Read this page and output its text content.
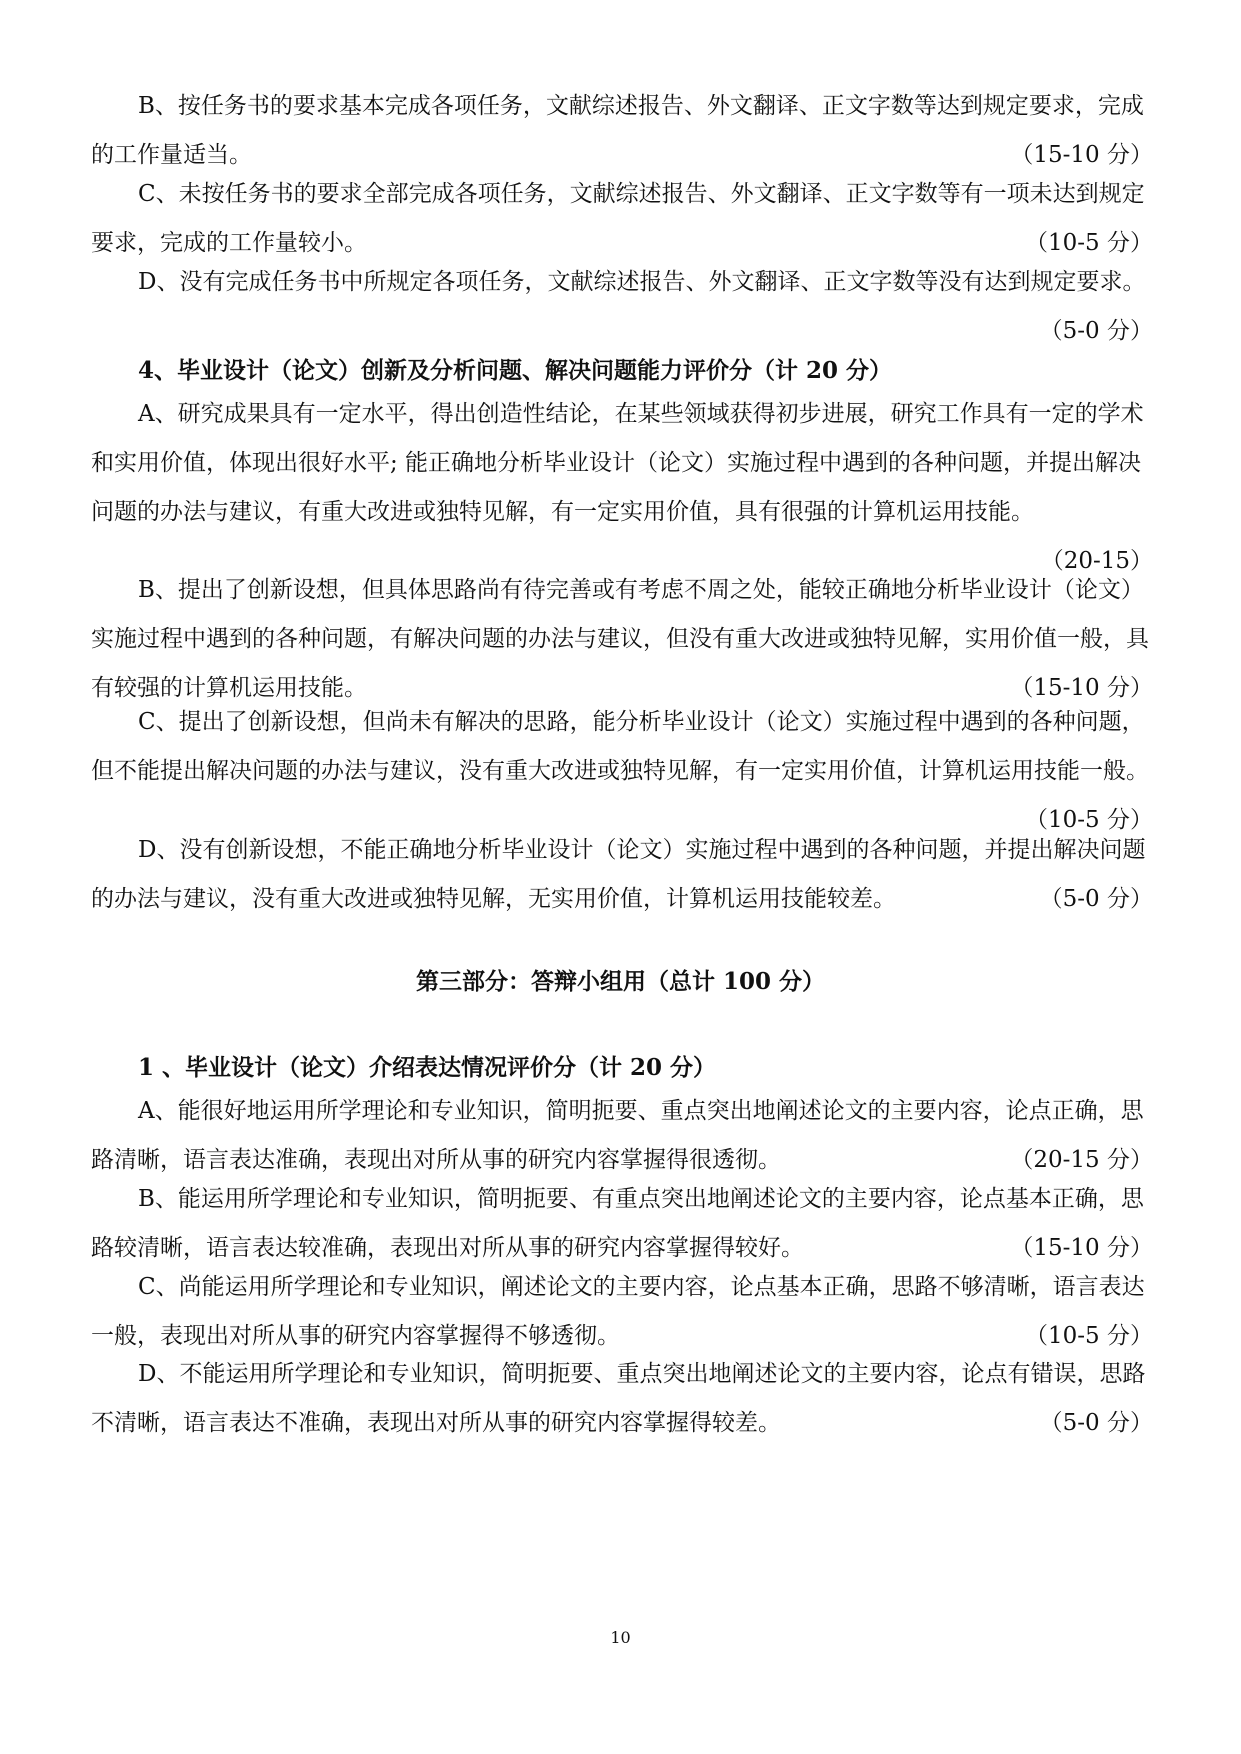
B、按任务书的要求基本完成各项任务，文献综述报告、外文翻译、正文字数等达到规定要求，完成的工作量适当。	（15-10 分）

C、未按任务书的要求全部完成各项任务，文献综述报告、外文翻译、正文字数等有一项未达到规定要求，完成的工作量较小。	（10-5 分）

D、没有完成任务书中所规定各项任务，文献综述报告、外文翻译、正文字数等没有达到规定要求。
（5-0 分）

4、毕业设计（论文）创新及分析问题、解决问题能力评价分（计 20 分）

A、研究成果具有一定水平，得出创造性结论，在某些领域获得初步进展，研究工作具有一定的学术和实用价值，体现出很好水平; 能正确地分析毕业设计（论文）实施过程中遇到的各种问题，并提出解决问题的办法与建议，有重大改进或独特见解，有一定实用价值，具有很强的计算机运用技能。
（20-15）

B、提出了创新设想，但具体思路尚有待完善或有考虑不周之处，能较正确地分析毕业设计（论文）实施过程中遇到的各种问题，有解决问题的办法与建议，但没有重大改进或独特见解，实用价值一般，具有较强的计算机运用技能。	（15-10 分）

C、提出了创新设想，但尚未有解决的思路，能分析毕业设计（论文）实施过程中遇到的各种问题，但不能提出解决问题的办法与建议，没有重大改进或独特见解，有一定实用价值，计算机运用技能一般。
（10-5 分）

D、没有创新设想，不能正确地分析毕业设计（论文）实施过程中遇到的各种问题，并提出解决问题的办法与建议，没有重大改进或独特见解，无实用价值，计算机运用技能较差。	（5-0 分）

第三部分：答辩小组用（总计 100 分）

1 、毕业设计（论文）介绍表达情况评价分（计 20 分）

A、能很好地运用所学理论和专业知识，简明扼要、重点突出地阐述论文的主要内容，论点正确，思路清晰，语言表达准确，表现出对所从事的研究内容掌握得很透彻。	（20-15 分）

B、能运用所学理论和专业知识，简明扼要、有重点突出地阐述论文的主要内容，论点基本正确，思路较清晰，语言表达较准确，表现出对所从事的研究内容掌握得较好。	（15-10 分）

C、尚能运用所学理论和专业知识，阐述论文的主要内容，论点基本正确，思路不够清晰，语言表达一般，表现出对所从事的研究内容掌握得不够透彻。	（10-5 分）

D、不能运用所学理论和专业知识，简明扼要、重点突出地阐述论文的主要内容，论点有错误，思路不清晰，语言表达不准确，表现出对所从事的研究内容掌握得较差。	（5-0 分）

10
